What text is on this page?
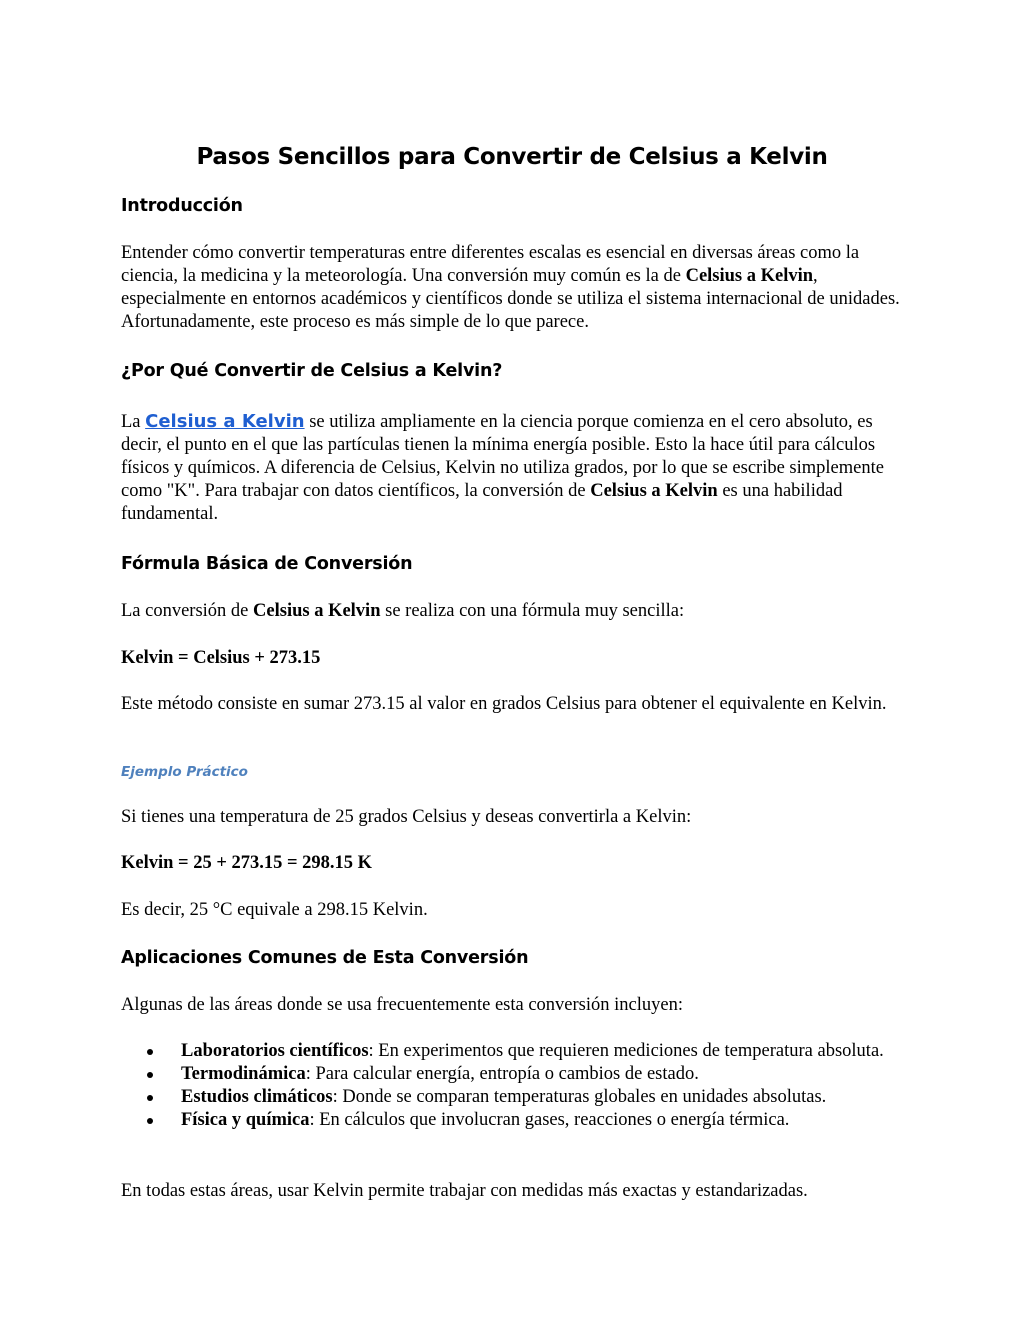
Pasos Sencillos para Convertir de Celsius a Kelvin
Introducción

Entender cómo convertir temperaturas entre diferentes escalas es esencial en diversas áreas como la ciencia, la medicina y la meteorología. Una conversión muy común es la de Celsius a Kelvin, especialmente en entornos académicos y científicos donde se utiliza el sistema internacional de unidades. Afortunadamente, este proceso es más simple de lo que parece.

¿Por Qué Convertir de Celsius a Kelvin?

La Celsius a Kelvin se utiliza ampliamente en la ciencia porque comienza en el cero absoluto, es decir, el punto en el que las partículas tienen la mínima energía posible. Esto la hace útil para cálculos físicos y químicos. A diferencia de Celsius, Kelvin no utiliza grados, por lo que se escribe simplemente como "K". Para trabajar con datos científicos, la conversión de Celsius a Kelvin es una habilidad fundamental.

Fórmula Básica de Conversión

La conversión de Celsius a Kelvin se realiza con una fórmula muy sencilla:

Kelvin = Celsius + 273.15

Este método consiste en sumar 273.15 al valor en grados Celsius para obtener el equivalente en Kelvin.

Ejemplo Práctico

Si tienes una temperatura de 25 grados Celsius y deseas convertirla a Kelvin:

Kelvin = 25 + 273.15 = 298.15 K

Es decir, 25 °C equivale a 298.15 Kelvin.

Aplicaciones Comunes de Esta Conversión

Algunas de las áreas donde se usa frecuentemente esta conversión incluyen:

Laboratorios científicos: En experimentos que requieren mediciones de temperatura absoluta.
Termodinámica: Para calcular energía, entropía o cambios de estado.
Estudios climáticos: Donde se comparan temperaturas globales en unidades absolutas.
Física y química: En cálculos que involucran gases, reacciones o energía térmica.

En todas estas áreas, usar Kelvin permite trabajar con medidas más exactas y estandarizadas.
